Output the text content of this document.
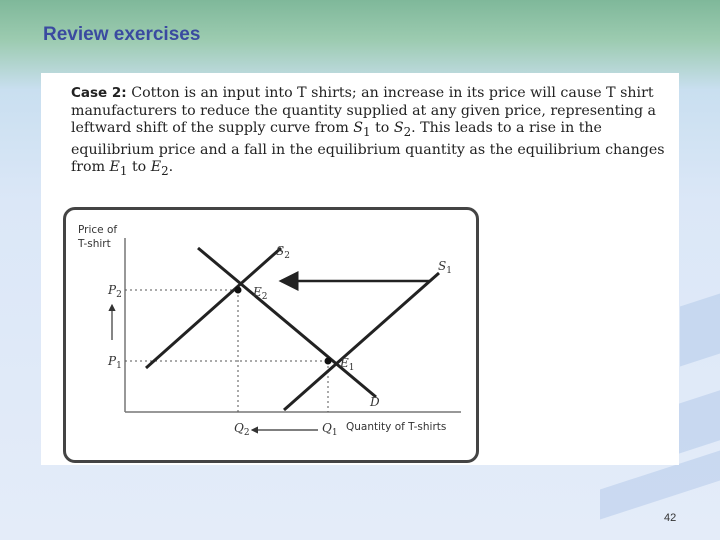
Review exercises

Case 2: Cotton is an input into T shirts; an increase in its price will cause T shirt manufacturers to reduce the quantity supplied at any given price, representing a leftward shift of the supply curve from $S_1$ to $S_2$. This leads to a rise in the equilibrium price and a fall in the equilibrium quantity as the equilibrium changes from $E_1$ to $E_2$.

Price of
T-shirt
Quantity of T-shirts
$P_2$
$P_1$
$Q_2$	$Q_1$
$S_2$
$S_1$
$E_2$
$E_1$
D
42
